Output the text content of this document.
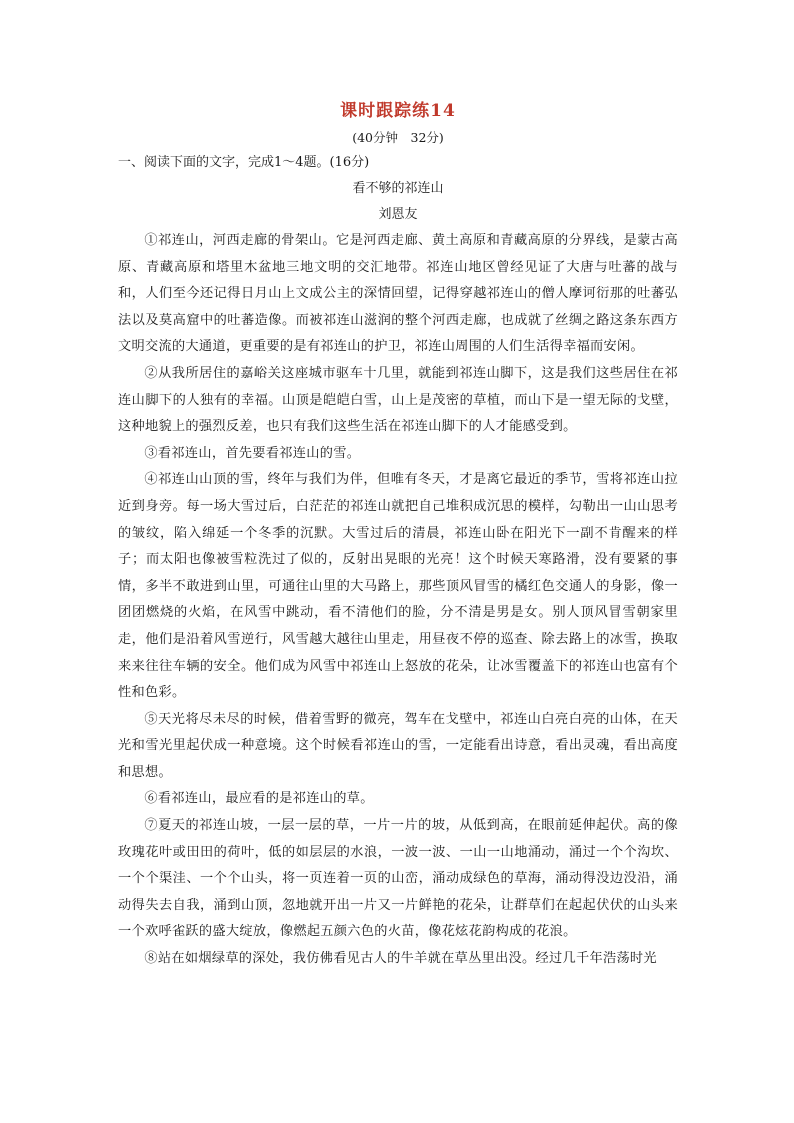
课时跟踪练14
(40分钟　32分)
一、阅读下面的文字，完成1～4题。(16分)
看不够的祁连山
刘恩友

①祁连山，河西走廊的骨架山。它是河西走廊、黄土高原和青藏高原的分界线，是蒙古高原、青藏高原和塔里木盆地三地文明的交汇地带。祁连山地区曾经见证了大唐与吐蕃的战与和，人们至今还记得日月山上文成公主的深情回望，记得穿越祁连山的僧人摩诃衍那的吐蕃弘法以及莫高窟中的吐蕃造像。而被祁连山滋润的整个河西走廊，也成就了丝绸之路这条东西方文明交流的大通道，更重要的是有祁连山的护卫，祁连山周围的人们生活得幸福而安闲。

②从我所居住的嘉峪关这座城市驱车十几里，就能到祁连山脚下，这是我们这些居住在祁连山脚下的人独有的幸福。山顶是皑皑白雪，山上是茂密的草植，而山下是一望无际的戈壁，这种地貌上的强烈反差，也只有我们这些生活在祁连山脚下的人才能感受到。

③看祁连山，首先要看祁连山的雪。

④祁连山山顶的雪，终年与我们为伴，但唯有冬天，才是离它最近的季节，雪将祁连山拉近到身旁。每一场大雪过后，白茫茫的祁连山就把自己堆积成沉思的模样，勾勒出一山山思考的皱纹，陷入绵延一个冬季的沉默。大雪过后的清晨，祁连山卧在阳光下一副不肯醒来的样子；而太阳也像被雪粒洗过了似的，反射出晃眼的光亮！这个时候天寒路滑，没有要紧的事情，多半不敢进到山里，可通往山里的大马路上，那些顶风冒雪的橘红色交通人的身影，像一团团燃烧的火焰，在风雪中跳动，看不清他们的脸，分不清是男是女。别人顶风冒雪朝家里走，他们是沿着风雪逆行，风雪越大越往山里走，用昼夜不停的巡查、除去路上的冰雪，换取来来往往车辆的安全。他们成为风雪中祁连山上怒放的花朵，让冰雪覆盖下的祁连山也富有个性和色彩。

⑤天光将尽未尽的时候，借着雪野的微亮，驾车在戈壁中，祁连山白亮白亮的山体，在天光和雪光里起伏成一种意境。这个时候看祁连山的雪，一定能看出诗意，看出灵魂，看出高度和思想。

⑥看祁连山，最应看的是祁连山的草。

⑦夏天的祁连山坡，一层一层的草，一片一片的坡，从低到高，在眼前延伸起伏。高的像玫瑰花叶或田田的荷叶，低的如层层的水浪，一波一波、一山一山地涌动，涌过一个个沟坎、一个个渠洼、一个个山头，将一页连着一页的山峦，涌动成绿色的草海，涌动得没边没沿，涌动得失去自我，涌到山顶，忽地就开出一片又一片鲜艳的花朵，让群草们在起起伏伏的山头来一个欢呼雀跃的盛大绽放，像燃起五颜六色的火苗，像花炫花韵构成的花浪。

⑧站在如烟绿草的深处，我仿佛看见古人的牛羊就在草丛里出没。经过几千年浩荡时光
